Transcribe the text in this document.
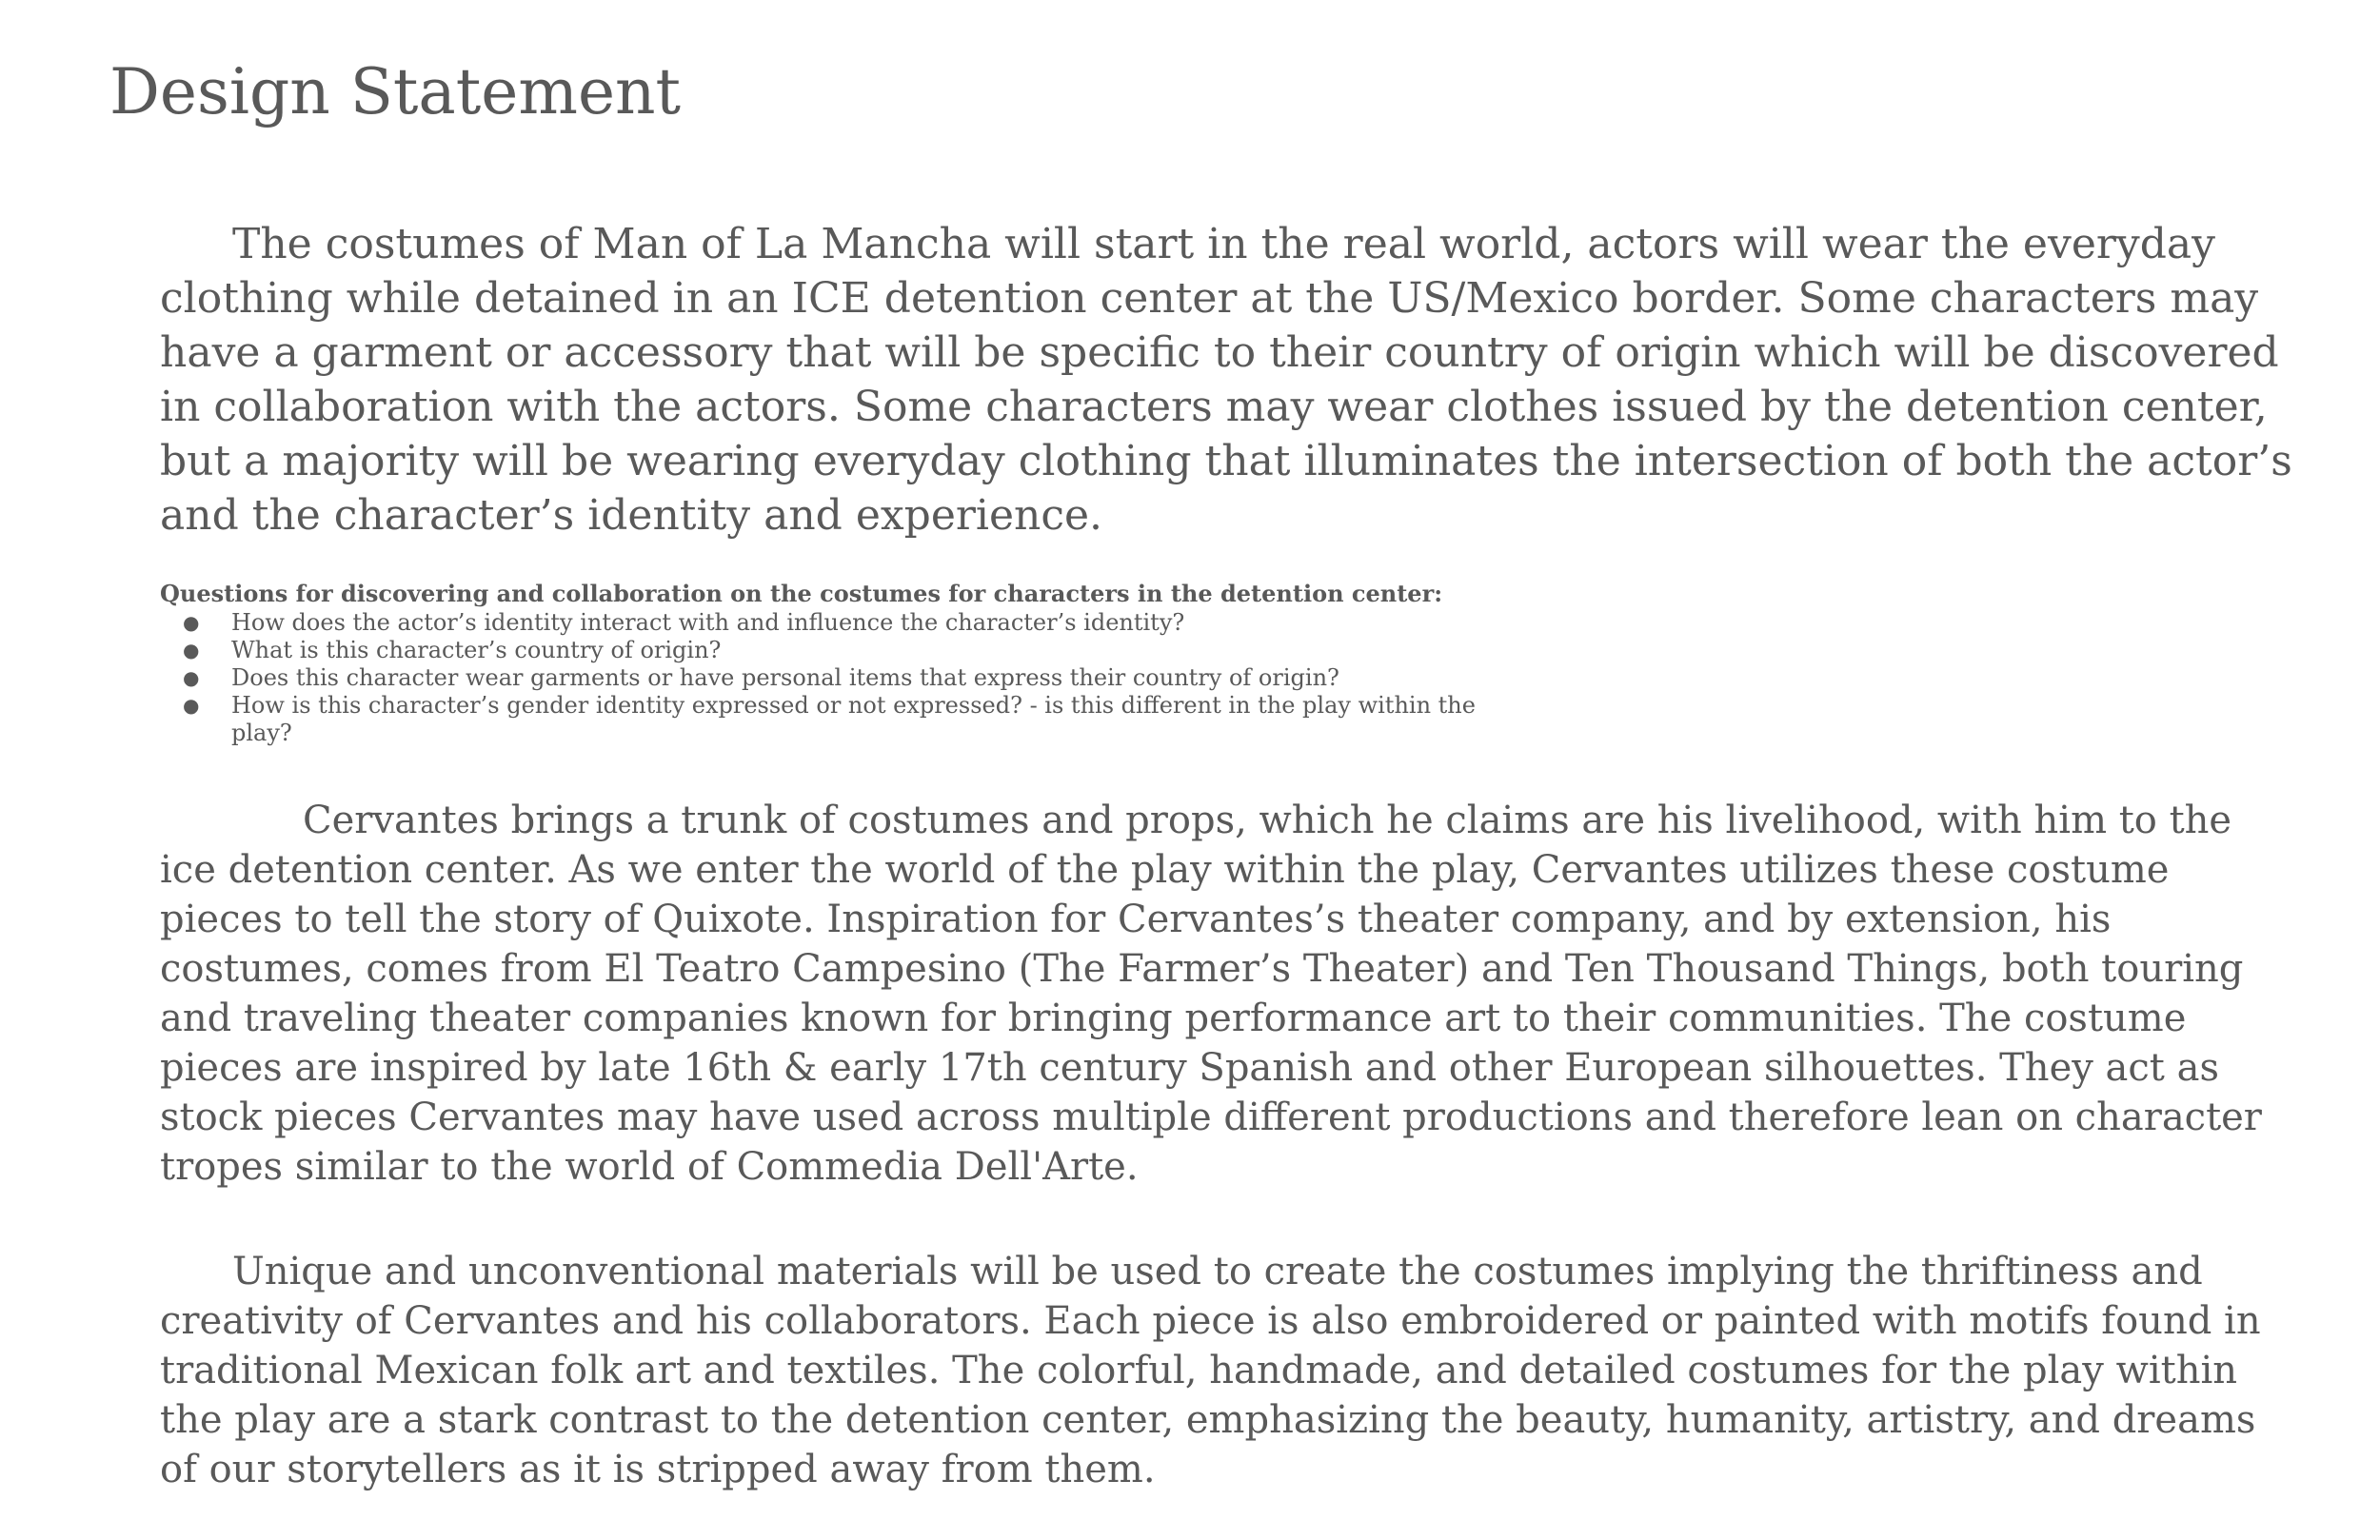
Design Statement

The costumes of Man of La Mancha will start in the real world, actors will wear the everyday clothing while detained in an ICE detention center at the US/Mexico border. Some characters may have a garment or accessory that will be specific to their country of origin which will be discovered in collaboration with the actors. Some characters may wear clothes issued by the detention center, but a majority will be wearing everyday clothing that illuminates the intersection of both the actor’s and the character’s identity and experience.

Questions for discovering and collaboration on the costumes for characters in the detention center:

● How does the actor’s identity interact with and influence the character’s identity?
● What is this character’s country of origin?
● Does this character wear garments or have personal items that express their country of origin?
● How is this character’s gender identity expressed or not expressed? - is this different in the play within the play?

Cervantes brings a trunk of costumes and props, which he claims are his livelihood, with him to the ice detention center. As we enter the world of the play within the play, Cervantes utilizes these costume pieces to tell the story of Quixote. Inspiration for Cervantes’s theater company, and by extension, his costumes, comes from El Teatro Campesino (The Farmer’s Theater) and Ten Thousand Things, both touring and traveling theater companies known for bringing performance art to their communities. The costume pieces are inspired by late 16th & early 17th century Spanish and other European silhouettes. They act as stock pieces Cervantes may have used across multiple different productions and therefore lean on character tropes similar to the world of Commedia Dell'Arte.

Unique and unconventional materials will be used to create the costumes implying the thriftiness and creativity of Cervantes and his collaborators. Each piece is also embroidered or painted with motifs found in traditional Mexican folk art and textiles. The colorful, handmade, and detailed costumes for the play within the play are a stark contrast to the detention center, emphasizing the beauty, humanity, artistry, and dreams of our storytellers as it is stripped away from them.
